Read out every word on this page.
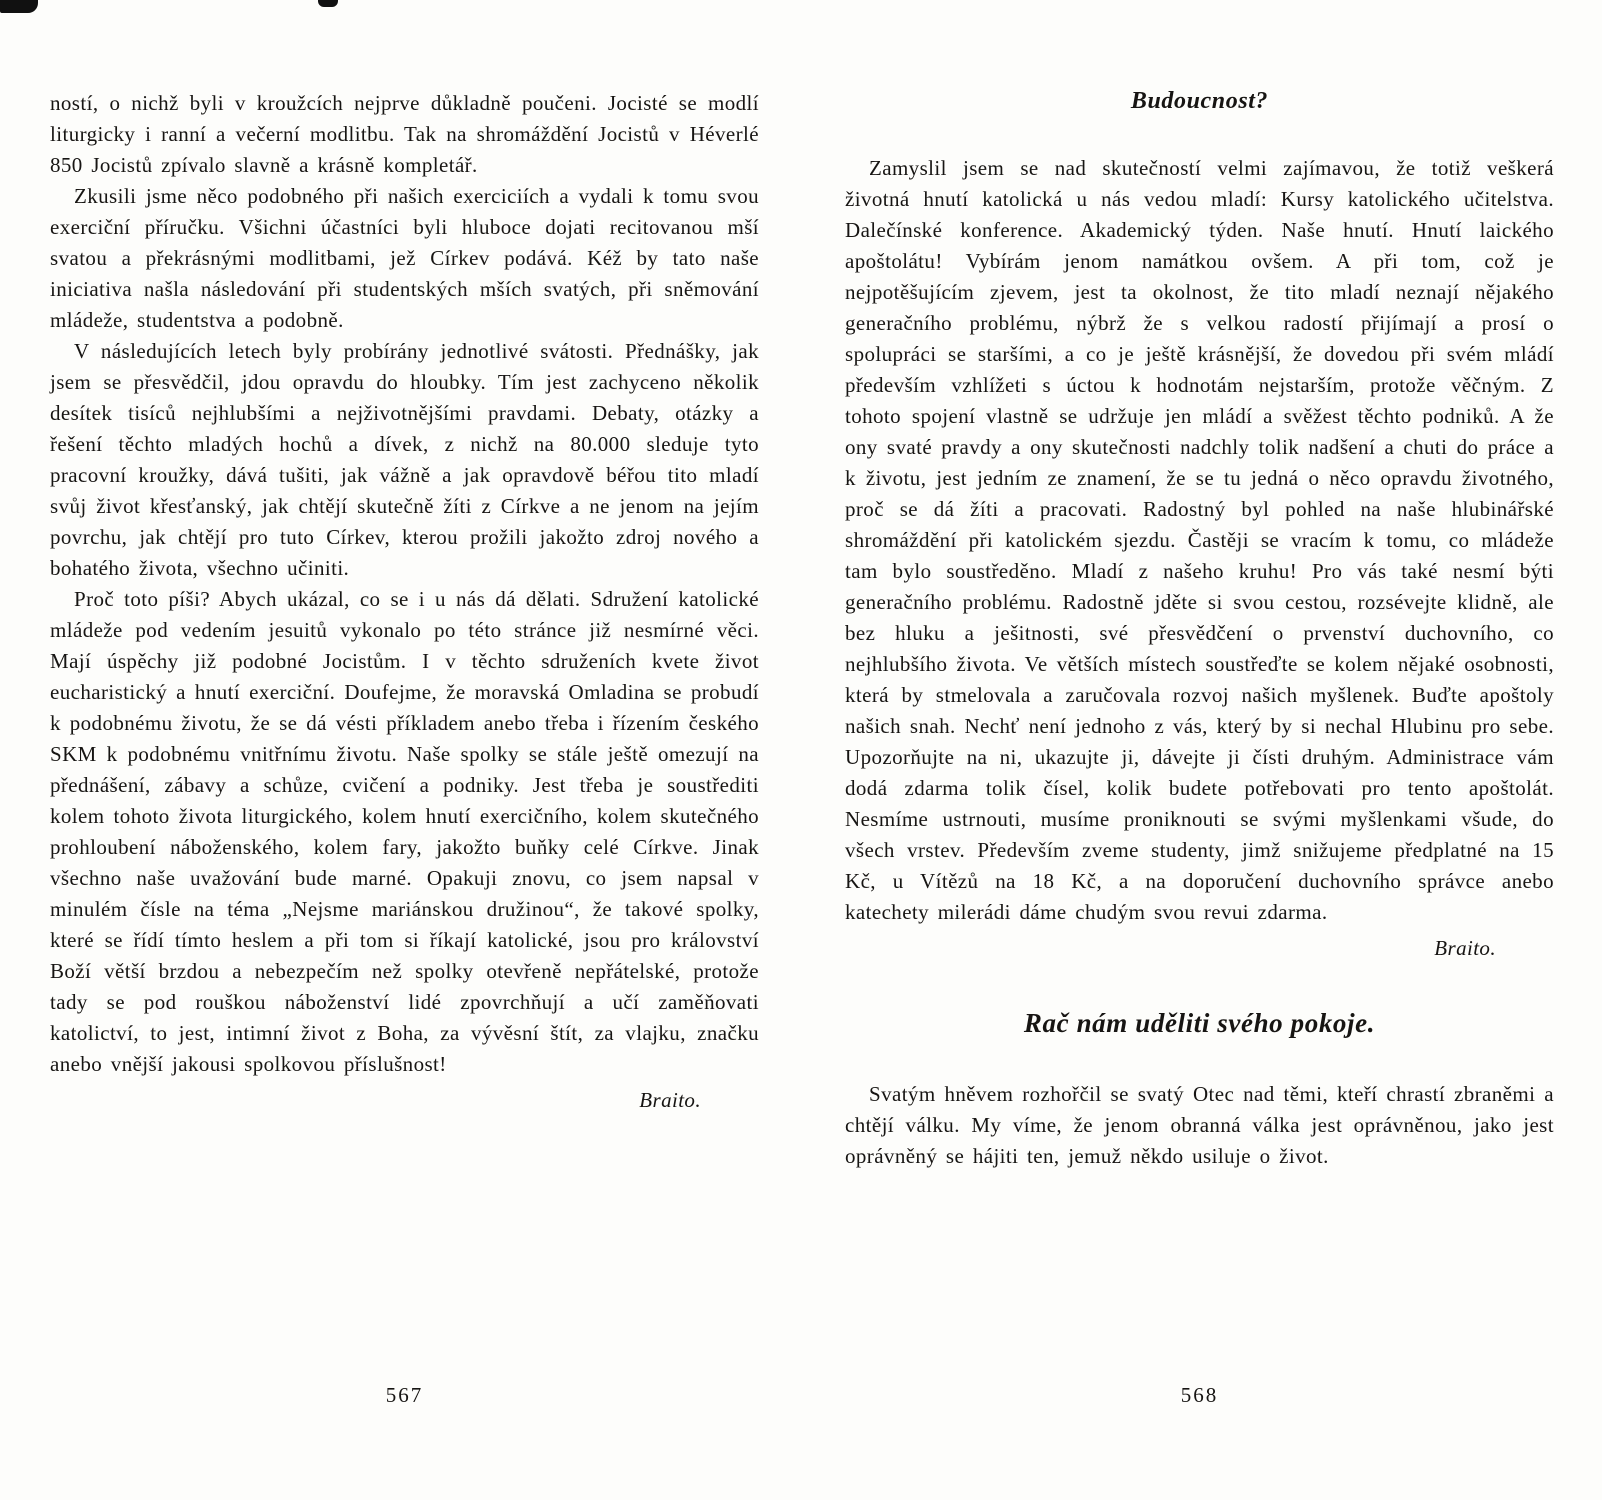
ností, o nichž byli v kroužcích nejprve důkladně poučeni. Jocisté se modlí liturgicky i ranní a večerní modlitbu. Tak na shromáždění Jocistů v Héverlé 850 Jocistů zpívalo slavně a krásně kompletář.

Zkusili jsme něco podobného při našich exerciciích a vydali k tomu svou exerciční příručku. Všichni účastníci byli hluboce dojati recitovanou mší svatou a překrásnými modlitbami, jež Církev podává. Kéž by tato naše iniciativa našla následování při studentských mších svatých, při sněmování mládeže, studentstva a podobně.

V následujících letech byly probírány jednotlivé svátosti. Přednášky, jak jsem se přesvědčil, jdou opravdu do hloubky. Tím jest zachyceno několik desítek tisíců nejhlubšími a nejživotnějšími pravdami. Debaty, otázky a řešení těchto mladých hochů a dívek, z nichž na 80.000 sleduje tyto pracovní kroužky, dává tušiti, jak vážně a jak opravdově béřou tito mladí svůj život křesťanský, jak chtějí skutečně žíti z Církve a ne jenom na jejím povrchu, jak chtějí pro tuto Církev, kterou prožili jakožto zdroj nového a bohatého života, všechno učiniti.

Proč toto píši? Abych ukázal, co se i u nás dá dělati. Sdružení katolické mládeže pod vedením jesuitů vykonalo po této stránce již nesmírné věci. Mají úspěchy již podobné Jocistům. I v těchto sdruženích kvete život eucharistický a hnutí exerciční. Doufejme, že moravská Omladina se probudí k podobnému životu, že se dá vésti příkladem anebo třeba i řízením českého SKM k podobnému vnitřnímu životu. Naše spolky se stále ještě omezují na přednášení, zábavy a schůze, cvičení a podniky. Jest třeba je soustřediti kolem tohoto života liturgického, kolem hnutí exercičního, kolem skutečného prohloubení náboženského, kolem fary, jakožto buňky celé Církve. Jinak všechno naše uvažování bude marné. Opakuji znovu, co jsem napsal v minulém čísle na téma „Nejsme mariánskou družinou“, že takové spolky, které se řídí tímto heslem a při tom si říkají katolické, jsou pro království Boží větší brzdou a nebezpečím než spolky otevřeně nepřátelské, protože tady se pod rouškou náboženství lidé zpovrchňují a učí zaměňovati katolictví, to jest, intimní život z Boha, za vývěsní štít, za vlajku, značku anebo vnější jakousi spolkovou příslušnost!

Braito.

567
Budoucnost?

Zamyslil jsem se nad skutečností velmi zajímavou, že totiž veškerá životná hnutí katolická u nás vedou mladí: Kursy katolického učitelstva. Dalečínské konference. Akademický týden. Naše hnutí. Hnutí laického apoštolátu! Vybírám jenom namátkou ovšem. A při tom, což je nejpotěšujícím zjevem, jest ta okolnost, že tito mladí neznají nějakého generačního problému, nýbrž že s velkou radostí přijímají a prosí o spolupráci se staršími, a co je ještě krásnější, že dovedou při svém mládí především vzhlížeti s úctou k hodnotám nejstarším, protože věčným. Z tohoto spojení vlastně se udržuje jen mládí a svěžest těchto podniků. A že ony svaté pravdy a ony skutečnosti nadchly tolik nadšení a chuti do práce a k životu, jest jedním ze znamení, že se tu jedná o něco opravdu životného, proč se dá žíti a pracovati. Radostný byl pohled na naše hlubinářské shromáždění při katolickém sjezdu. Častěji se vracím k tomu, co mládeže tam bylo soustředěno. Mladí z našeho kruhu! Pro vás také nesmí býti generačního problému. Radostně jděte si svou cestou, rozsévejte klidně, ale bez hluku a ješitnosti, své přesvědčení o prvenství duchovního, co nejhlubšího života. Ve větších místech soustřeďte se kolem nějaké osobnosti, která by stmelovala a zaručovala rozvoj našich myšlenek. Buďte apoštoly našich snah. Nechť není jednoho z vás, který by si nechal Hlubinu pro sebe. Upozorňujte na ni, ukazujte ji, dávejte ji čísti druhým. Administrace vám dodá zdarma tolik čísel, kolik budete potřebovati pro tento apoštolát. Nesmíme ustrnouti, musíme proniknouti se svými myšlenkami všude, do všech vrstev. Především zveme studenty, jimž snižujeme předplatné na 15 Kč, u Vítězů na 18 Kč, a na doporučení duchovního správce anebo katechety milerádi dáme chudým svou revui zdarma.

Braito.

Rač nám uděliti svého pokoje.

Svatým hněvem rozhořčil se svatý Otec nad těmi, kteří chrastí zbraněmi a chtějí válku. My víme, že jenom obranná válka jest oprávněnou, jako jest oprávněný se hájiti ten, jemuž někdo usiluje o život.

568
